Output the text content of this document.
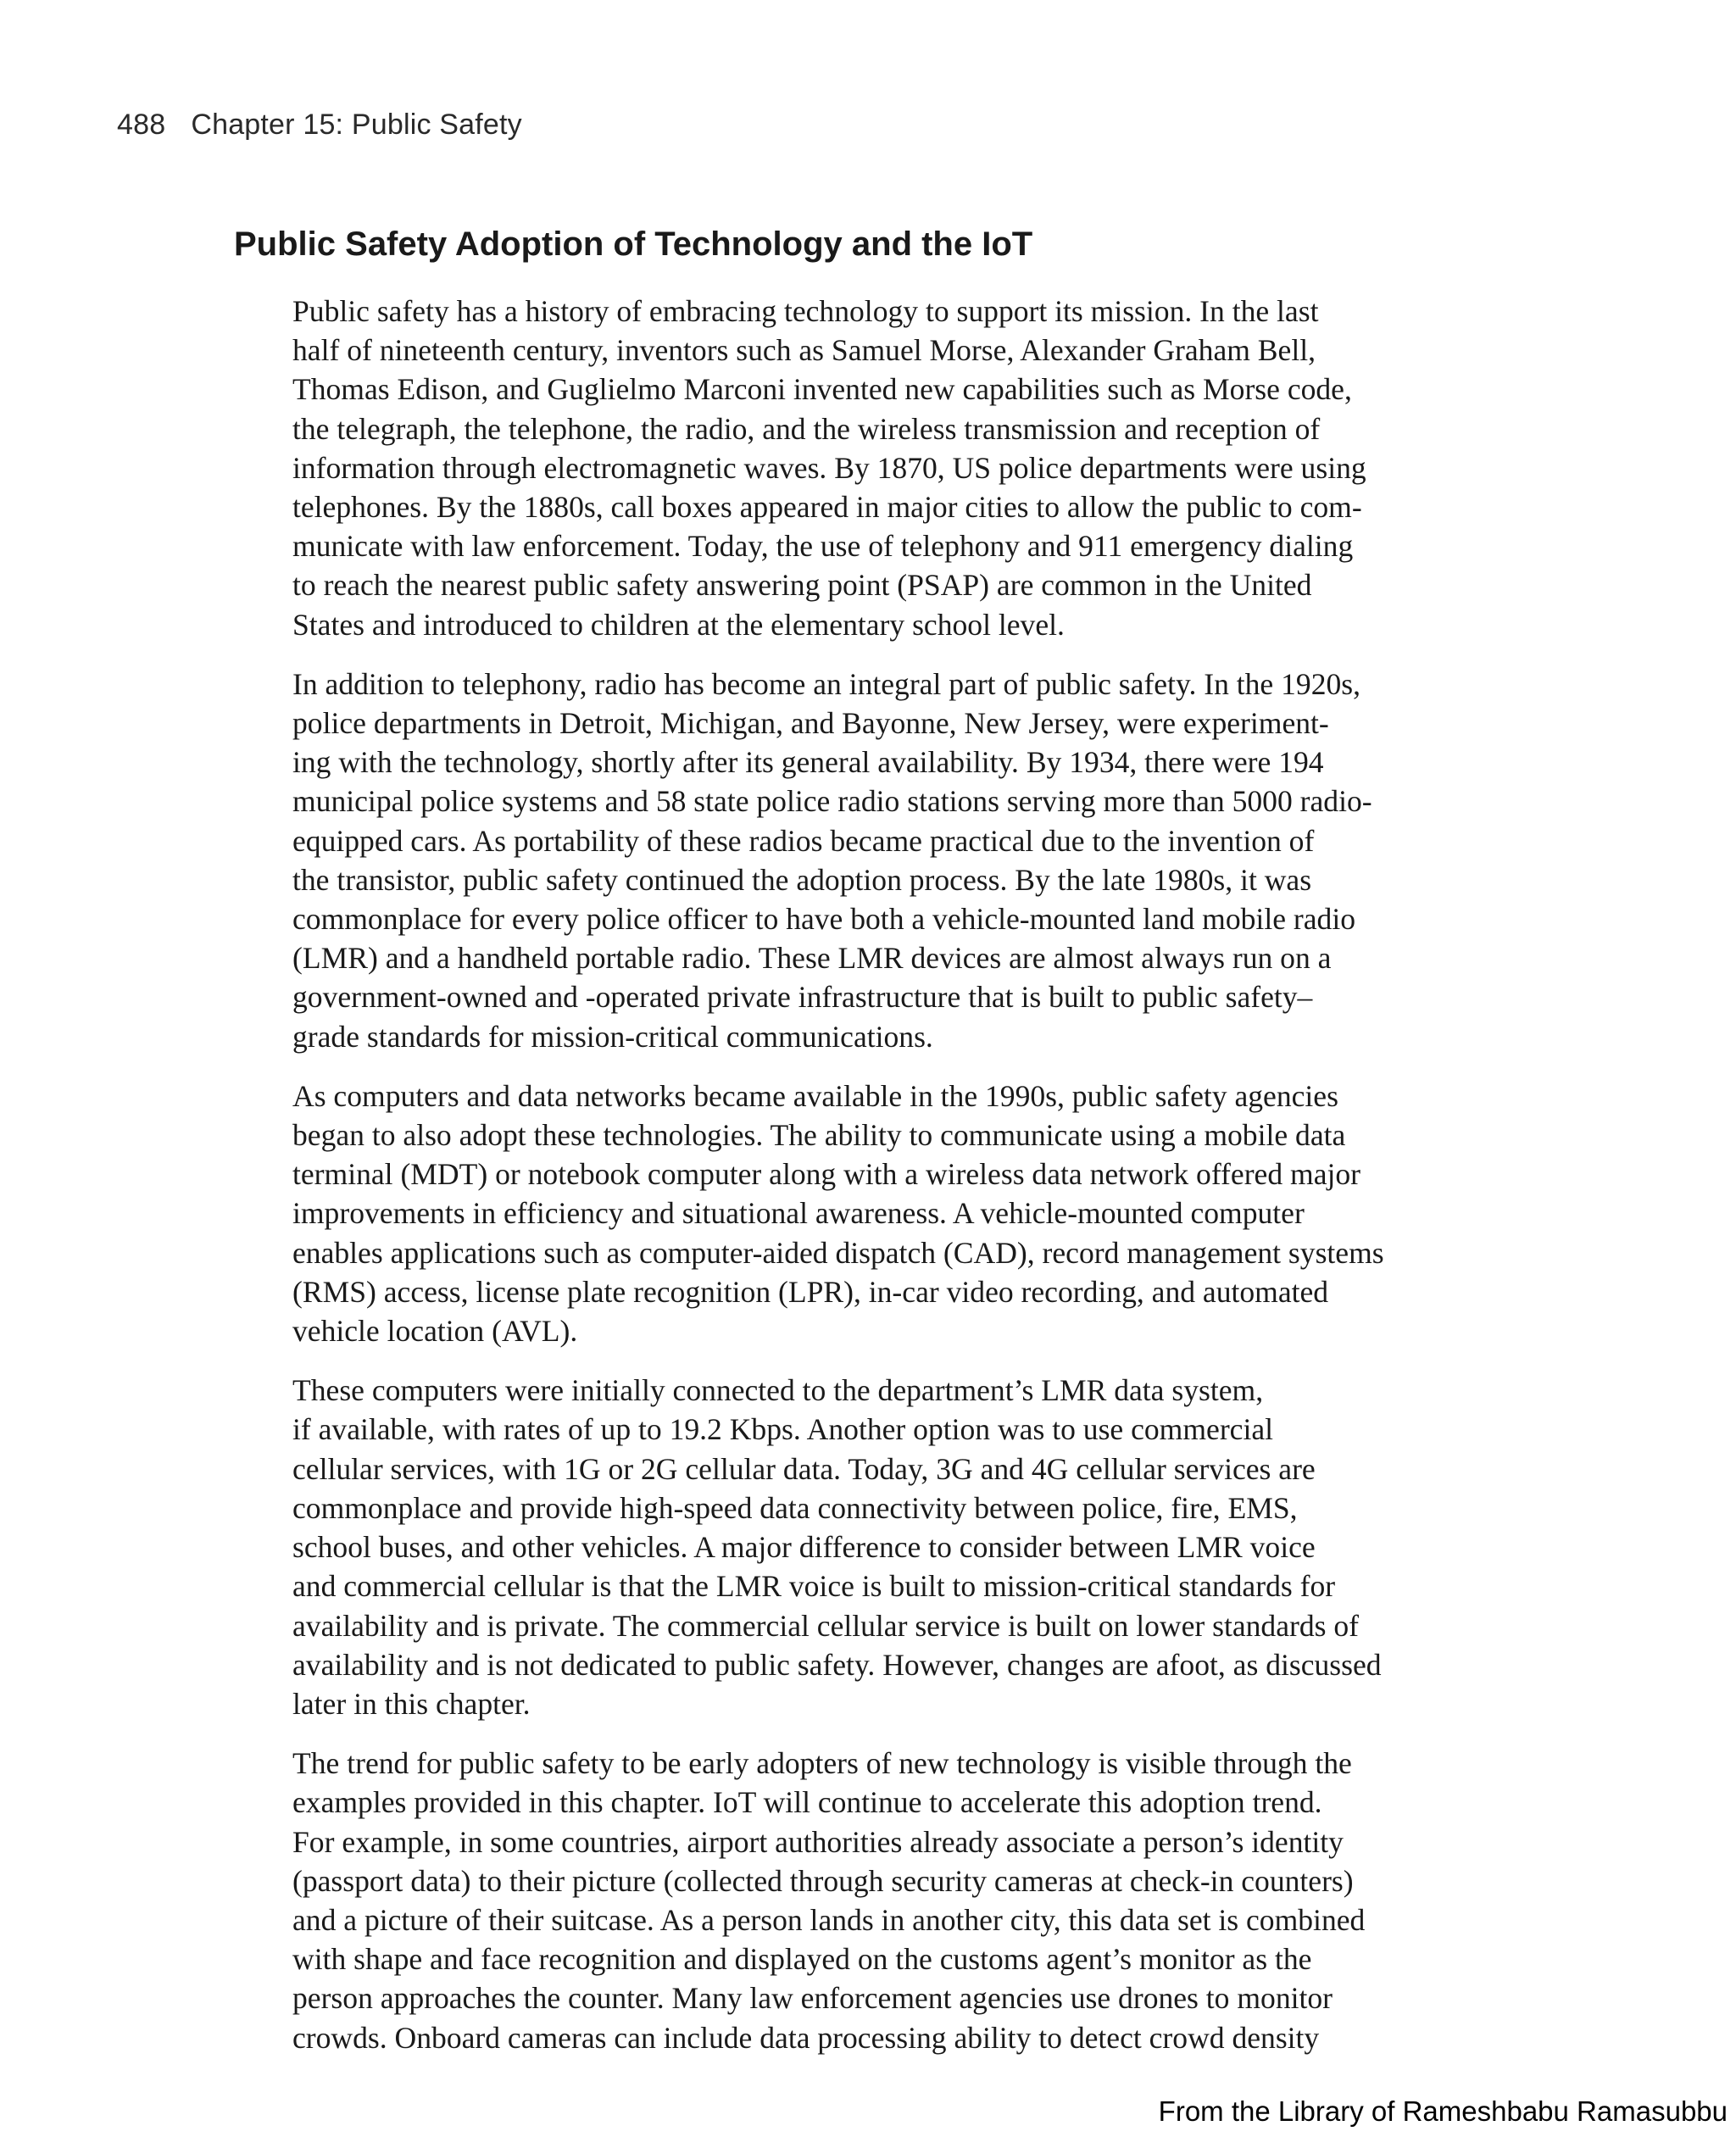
488 Chapter 15: Public Safety
Public Safety Adoption of Technology and the IoT

Public safety has a history of embracing technology to support its mission. In the last
half of nineteenth century, inventors such as Samuel Morse, Alexander Graham Bell,
Thomas Edison, and Guglielmo Marconi invented new capabilities such as Morse code,
the telegraph, the telephone, the radio, and the wireless transmission and reception of
information through electromagnetic waves. By 1870, US police departments were using
telephones. By the 1880s, call boxes appeared in major cities to allow the public to com-
municate with law enforcement. Today, the use of telephony and 911 emergency dialing
to reach the nearest public safety answering point (PSAP) are common in the United
States and introduced to children at the elementary school level.

In addition to telephony, radio has become an integral part of public safety. In the 1920s,
police departments in Detroit, Michigan, and Bayonne, New Jersey, were experiment-
ing with the technology, shortly after its general availability. By 1934, there were 194
municipal police systems and 58 state police radio stations serving more than 5000 radio-
equipped cars. As portability of these radios became practical due to the invention of
the transistor, public safety continued the adoption process. By the late 1980s, it was
commonplace for every police officer to have both a vehicle-mounted land mobile radio
(LMR) and a handheld portable radio. These LMR devices are almost always run on a
government-owned and -operated private infrastructure that is built to public safety–
grade standards for mission-critical communications.

As computers and data networks became available in the 1990s, public safety agencies
began to also adopt these technologies. The ability to communicate using a mobile data
terminal (MDT) or notebook computer along with a wireless data network offered major
improvements in efficiency and situational awareness. A vehicle-mounted computer
enables applications such as computer-aided dispatch (CAD), record management systems
(RMS) access, license plate recognition (LPR), in-car video recording, and automated
vehicle location (AVL).

These computers were initially connected to the department’s LMR data system,
if available, with rates of up to 19.2 Kbps. Another option was to use commercial
cellular services, with 1G or 2G cellular data. Today, 3G and 4G cellular services are
commonplace and provide high-speed data connectivity between police, fire, EMS,
school buses, and other vehicles. A major difference to consider between LMR voice
and commercial cellular is that the LMR voice is built to mission-critical standards for
availability and is private. The commercial cellular service is built on lower standards of
availability and is not dedicated to public safety. However, changes are afoot, as discussed
later in this chapter.

The trend for public safety to be early adopters of new technology is visible through the
examples provided in this chapter. IoT will continue to accelerate this adoption trend.
For example, in some countries, airport authorities already associate a person’s identity
(passport data) to their picture (collected through security cameras at check-in counters)
and a picture of their suitcase. As a person lands in another city, this data set is combined
with shape and face recognition and displayed on the customs agent’s monitor as the
person approaches the counter. Many law enforcement agencies use drones to monitor
crowds. Onboard cameras can include data processing ability to detect crowd density

From the Library of Rameshbabu Ramasubbu
